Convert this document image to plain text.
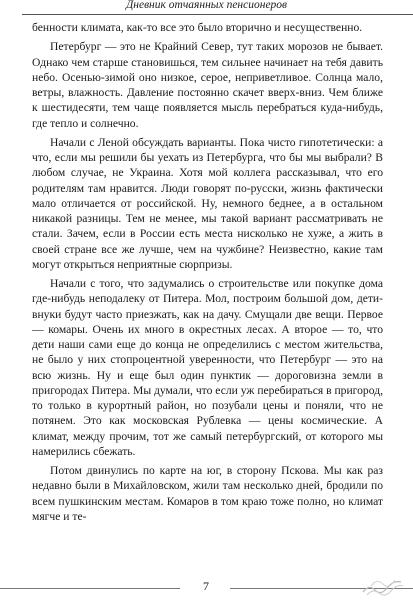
Дневник отчаянных пенсионеров

бенности климата, как-то все это было вторично и несущественно.

Петербург — это не Крайний Север, тут таких морозов не бывает. Однако чем старше становишься, тем сильнее начинает на тебя давить небо. Осенью-зимой оно низкое, серое, неприветливое. Солнца мало, ветры, влажность. Давление постоянно скачет вверх-вниз. Чем ближе к шестидесяти, тем чаще появляется мысль перебраться куда-нибудь, где тепло и солнечно.

Начали с Леной обсуждать варианты. Пока чисто гипотетически: а что, если мы решили бы уехать из Петербурга, что бы мы выбрали? В любом случае, не Украина. Хотя мой коллега рассказывал, что его родителям там нравится. Люди говорят по-русски, жизнь фактически мало отличается от российской. Ну, немного беднее, а в остальном никакой разницы. Тем не менее, мы такой вариант рассматривать не стали. Зачем, если в России есть места нисколько не хуже, а жить в своей стране все же лучше, чем на чужбине? Неизвестно, какие там могут открыться неприятные сюрпризы.

Начали с того, что задумались о строительстве или покупке дома где-нибудь неподалеку от Питера. Мол, построим большой дом, дети-внуки будут часто приезжать, как на дачу. Смущали две вещи. Первое — комары. Очень их много в окрестных лесах. А второе — то, что дети наши сами еще до конца не определились с местом жительства, не было у них стопроцентной уверенности, что Петербург — это на всю жизнь. Ну и еще был один пунктик — дороговизна земли в пригородах Питера. Мы думали, что если уж перебираться в пригород, то только в курортный район, но позубали цены и поняли, что не потянем. Это как московская Рублевка — цены космические. А климат, между прочим, тот же самый петербургский, от которого мы намерились сбежать.

Потом двинулись по карте на юг, в сторону Пскова. Мы как раз недавно были в Михайловском, жили там несколько дней, бродили по всем пушкинским местам. Комаров в том краю тоже полно, но климат мягче и те-

7
